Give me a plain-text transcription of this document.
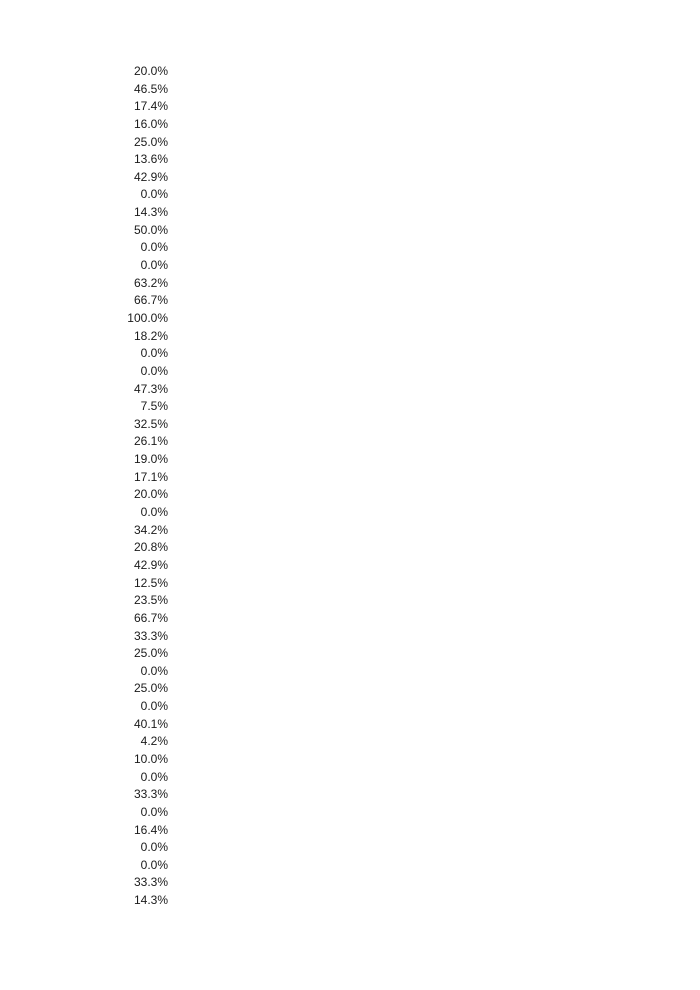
20.0%
46.5%
17.4%
16.0%
25.0%
13.6%
42.9%
0.0%
14.3%
50.0%
0.0%
0.0%
63.2%
66.7%
100.0%
18.2%
0.0%
0.0%
47.3%
7.5%
32.5%
26.1%
19.0%
17.1%
20.0%
0.0%
34.2%
20.8%
42.9%
12.5%
23.5%
66.7%
33.3%
25.0%
0.0%
25.0%
0.0%
40.1%
4.2%
10.0%
0.0%
33.3%
0.0%
16.4%
0.0%
0.0%
33.3%
14.3%
